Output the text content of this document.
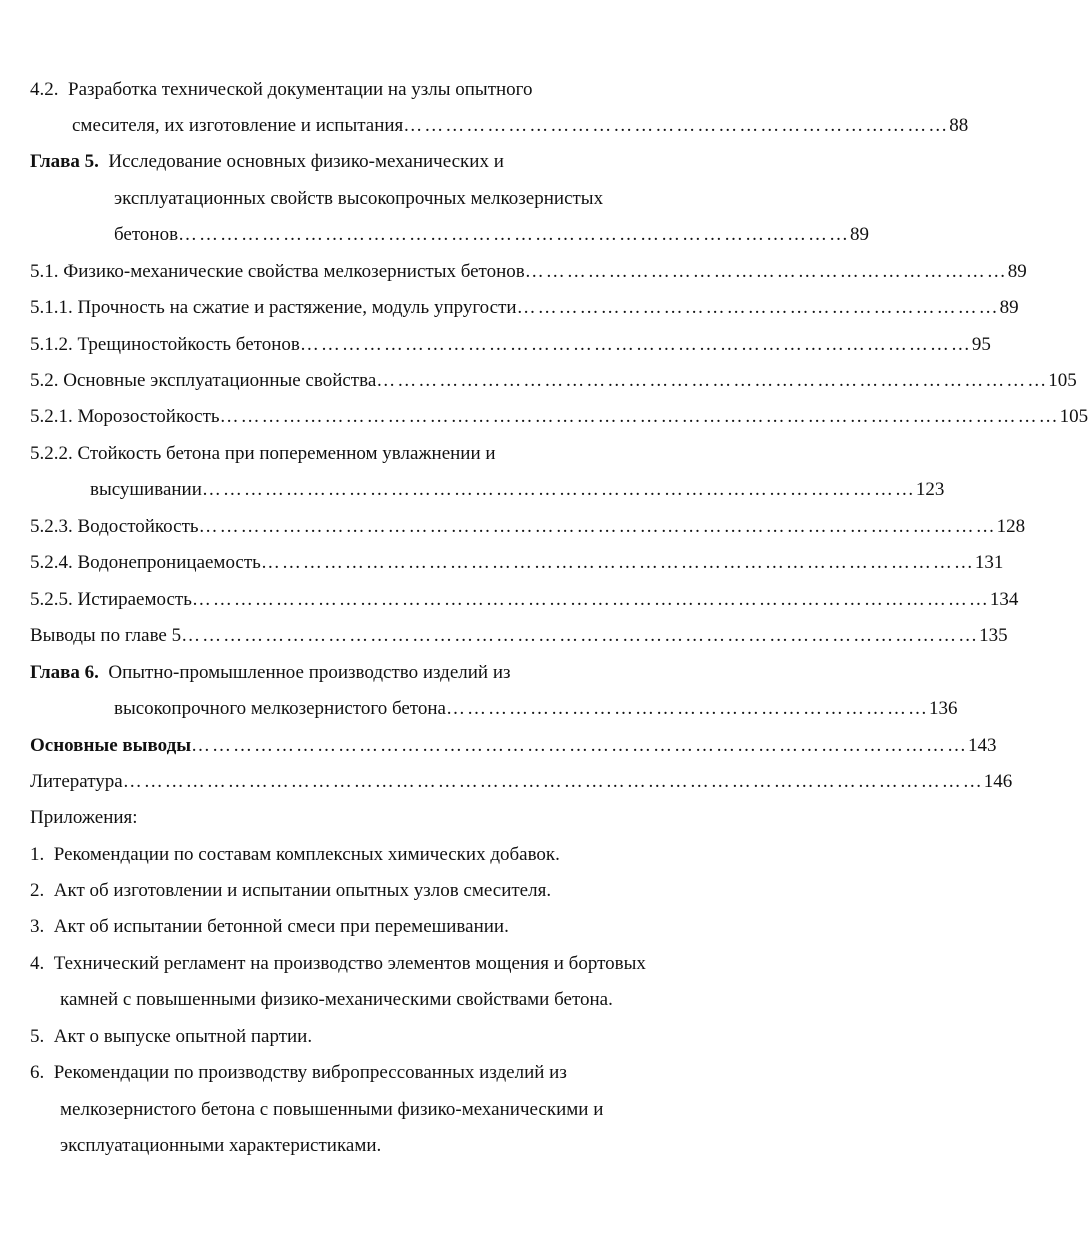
4.2. Разработка технической документации на узлы опытного
смесителя, их изготовление и испытания …………………………………………………………………… 88
Глава 5. Исследование основных физико-механических и
эксплуатационных свойств высокопрочных мелкозернистых
бетонов …………………………………………………………………………………… 89
5.1. Физико-механические свойства мелкозернистых бетонов …………………………………………………………… 89
5.1.1. Прочность на сжатие и растяжение, модуль упругости …………………………………………………………… 89
5.1.2. Трещиностойкость бетонов …………………………………………………………………………………… 95
5.2. Основные эксплуатационные свойства …………………………………………………………………………………… 105
5.2.1. Морозостойкость ………………………………………………………………………………………………………… 105
5.2.2. Стойкость бетона при попеременном увлажнении и
высушивании ………………………………………………………………………………………… 123
5.2.3. Водостойкость …………………………………………………………………………………………………… 128
5.2.4. Водонепроницаемость ………………………………………………………………………………………… 131
5.2.5. Истираемость …………………………………………………………………………………………………… 134
Выводы по главе 5 …………………………………………………………………………………………………… 135
Глава 6. Опытно-промышленное производство изделий из
высокопрочного мелкозернистого бетона …………………………………………………………… 136
Основные выводы ………………………………………………………………………………………………… 143
Литература …………………………………………………………………………………………………………… 146
Приложения:
1. Рекомендации по составам комплексных химических добавок.
2. Акт об изготовлении и испытании опытных узлов смесителя.
3. Акт об испытании бетонной смеси при перемешивании.
4. Технический регламент на производство элементов мощения и бортовых
камней с повышенными физико-механическими свойствами бетона.
5. Акт о выпуске опытной партии.
6. Рекомендации по производству вибропрессованных изделий из
мелкозернистого бетона с повышенными физико-механическими и
эксплуатационными характеристиками.
